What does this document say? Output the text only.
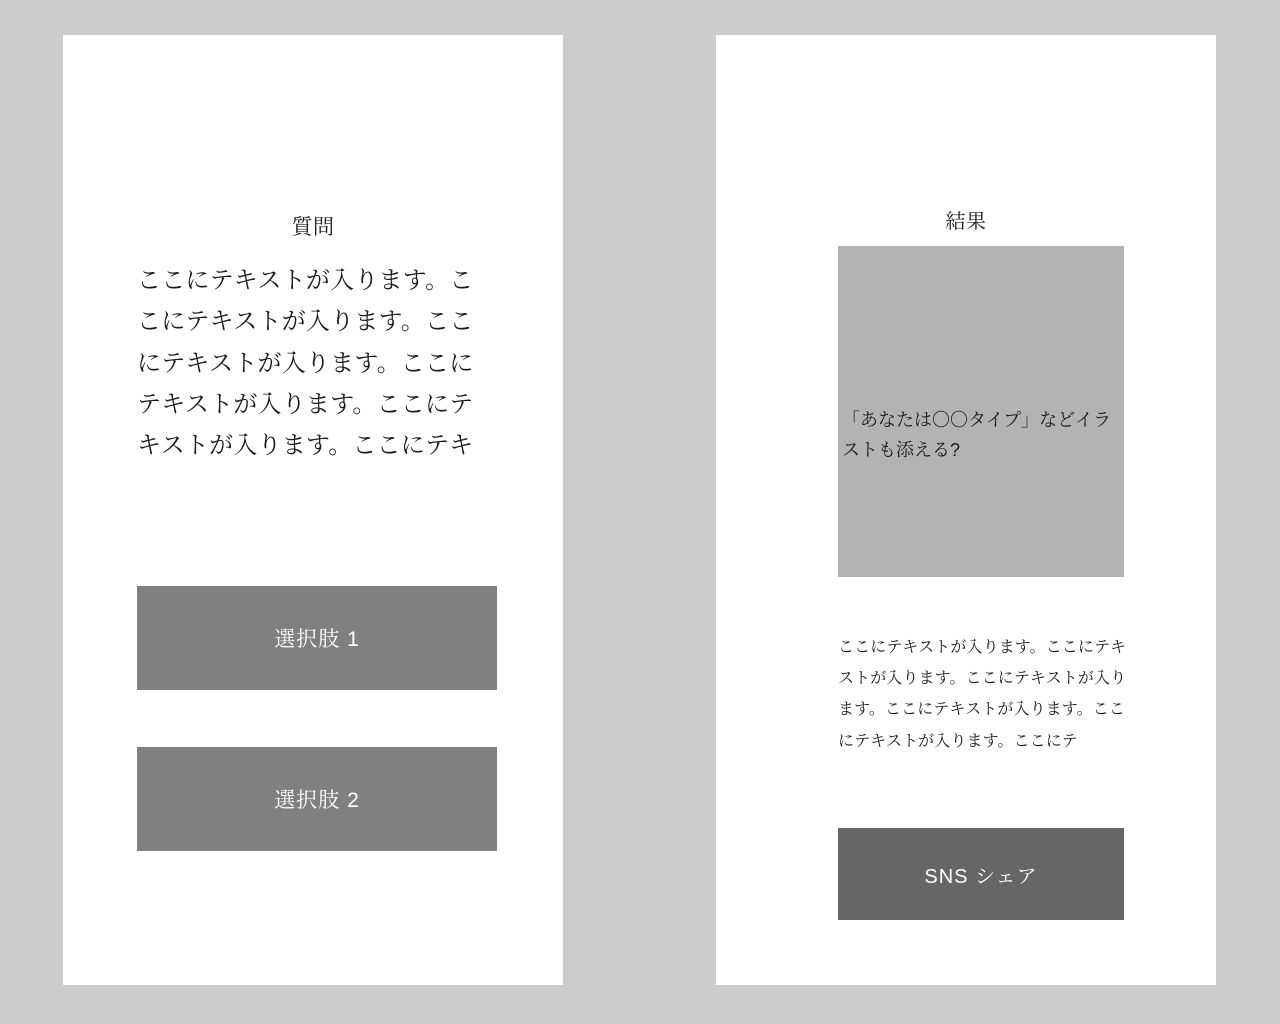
質問
ここにテキストが入ります。ここにテキストが入ります。ここにテキストが入ります。ここにテキストが入ります。ここにテキストが入ります。ここにテキ
選択肢 1
選択肢 2
結果
「あなたは〇〇タイプ」などイラストも添える?
ここにテキストが入ります。ここにテキストが入ります。ここにテキストが入ります。ここにテキストが入ります。ここにテキストが入ります。ここにテ
SNS シェア
